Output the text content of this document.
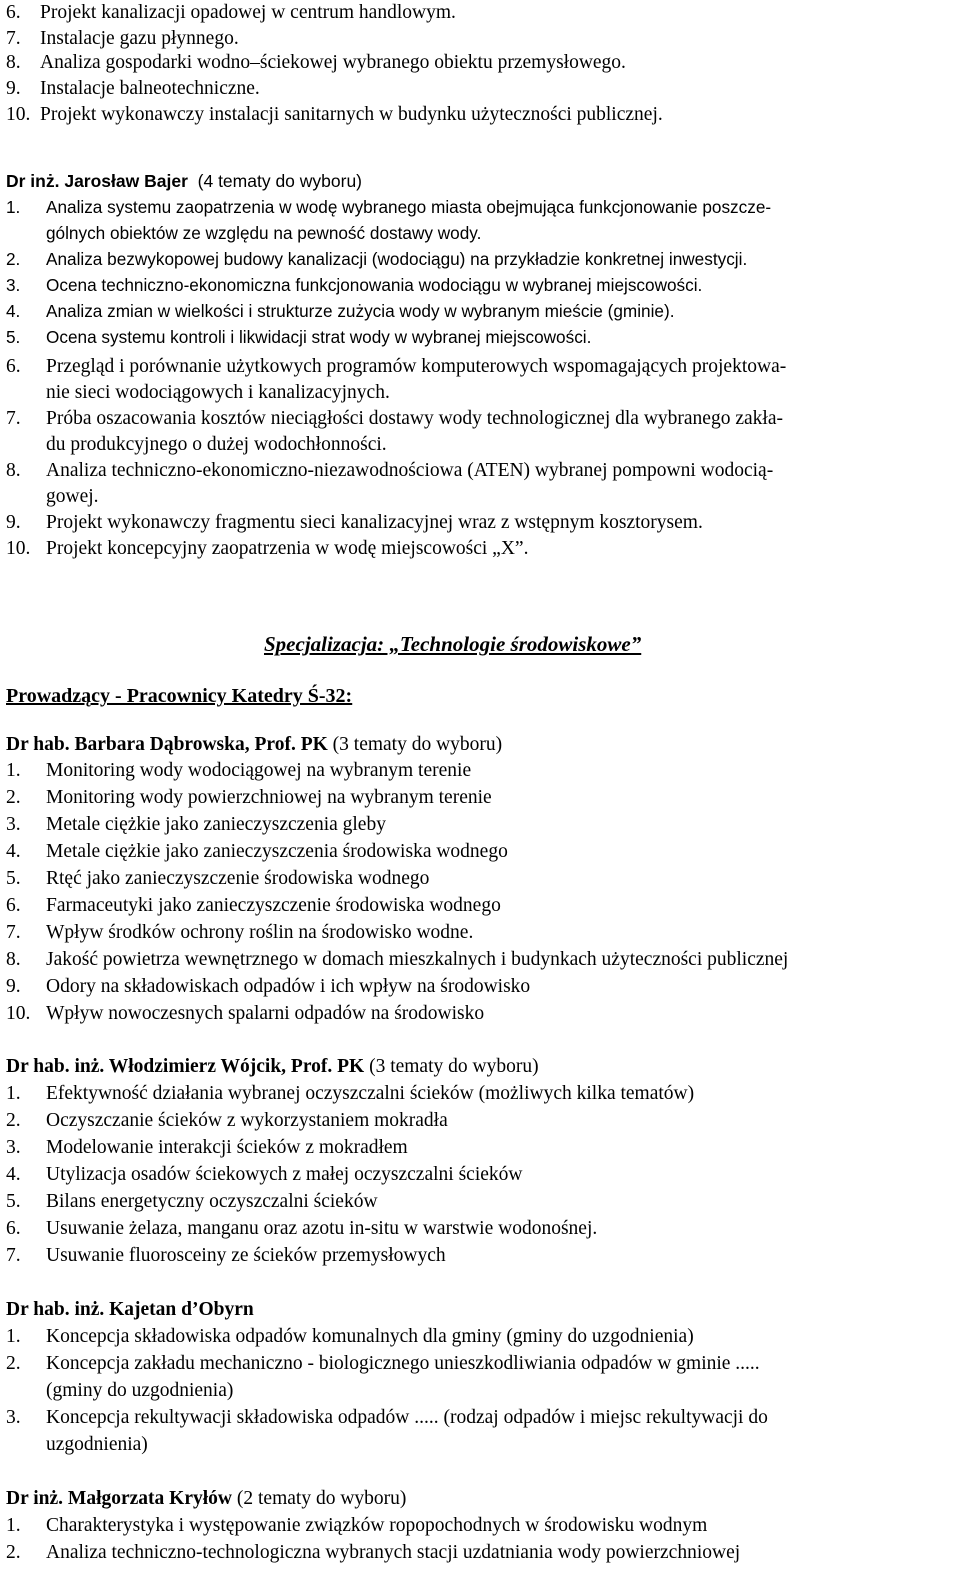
6. Projekt kanalizacji opadowej w centrum handlowym.
7. Instalacje gazu płynnego.
8. Analiza gospodarki wodno–ściekowej wybranego obiektu przemysłowego.
9. Instalacje balneotechniczne.
10. Projekt wykonawczy instalacji sanitarnych w budynku użyteczności publicznej.
Dr inż. Jarosław Bajer (4 tematy do wyboru)
1. Analiza systemu zaopatrzenia w wodę wybranego miasta obejmująca funkcjonowanie poszcze-
gólnych obiektów ze względu na pewność dostawy wody.
2. Analiza bezwykopowej budowy kanalizacji (wodociągu) na przykładzie konkretnej inwestycji.
3. Ocena techniczno-ekonomiczna funkcjonowania wodociągu w wybranej miejscowości.
4. Analiza zmian w wielkości i strukturze zużycia wody w wybranym mieście (gminie).
5. Ocena systemu kontroli i likwidacji strat wody w wybranej miejscowości.
6. Przegląd i porównanie użytkowych programów komputerowych wspomagających projektowa-
nie sieci wodociągowych i kanalizacyjnych.
7. Próba oszacowania kosztów nieciągłości dostawy wody technologicznej dla wybranego zakła-
du produkcyjnego o dużej wodochłonności.
8. Analiza techniczno-ekonomiczno-niezawodnościowa (ATEN) wybranej pompowni wodocią-
gowej.
9. Projekt wykonawczy fragmentu sieci kanalizacyjnej wraz z wstępnym kosztorysem.
10. Projekt koncepcyjny zaopatrzenia w wodę miejscowości „X”.
Specjalizacja: „Technologie środowiskowe”
Prowadzący - Pracownicy Katedry Ś-32:
Dr hab. Barbara Dąbrowska, Prof. PK (3 tematy do wyboru)
1. Monitoring wody wodociągowej na wybranym terenie
2. Monitoring wody powierzchniowej na wybranym terenie
3. Metale ciężkie jako zanieczyszczenia gleby
4. Metale ciężkie jako zanieczyszczenia środowiska wodnego
5. Rtęć jako zanieczyszczenie środowiska wodnego
6. Farmaceutyki jako zanieczyszczenie środowiska wodnego
7. Wpływ środków ochrony roślin na środowisko wodne.
8. Jakość powietrza wewnętrznego w domach mieszkalnych i budynkach użyteczności publicznej
9. Odory na składowiskach odpadów i ich wpływ na środowisko
10. Wpływ nowoczesnych spalarni odpadów na środowisko
Dr hab. inż. Włodzimierz Wójcik, Prof. PK (3 tematy do wyboru)
1. Efektywność działania wybranej oczyszczalni ścieków (możliwych kilka tematów)
2. Oczyszczanie ścieków z wykorzystaniem mokradła
3. Modelowanie interakcji ścieków z mokradłem
4. Utylizacja osadów ściekowych z małej oczyszczalni ścieków
5. Bilans energetyczny oczyszczalni ścieków
6. Usuwanie żelaza, manganu oraz azotu in-situ w warstwie wodonośnej.
7. Usuwanie fluorosceiny ze ścieków przemysłowych
Dr hab. inż. Kajetan d’Obyrn
1. Koncepcja składowiska odpadów komunalnych dla gminy (gminy do uzgodnienia)
2. Koncepcja zakładu mechaniczno - biologicznego unieszkodliwiania odpadów w gminie .....
(gminy do uzgodnienia)
3. Koncepcja rekultywacji składowiska odpadów ..... (rodzaj odpadów i miejsc rekultywacji do
uzgodnienia)
Dr inż. Małgorzata Kryłów (2 tematy do wyboru)
1. Charakterystyka i występowanie związków ropopochodnych w środowisku wodnym
2. Analiza techniczno-technologiczna wybranych stacji uzdatniania wody powierzchniowej
